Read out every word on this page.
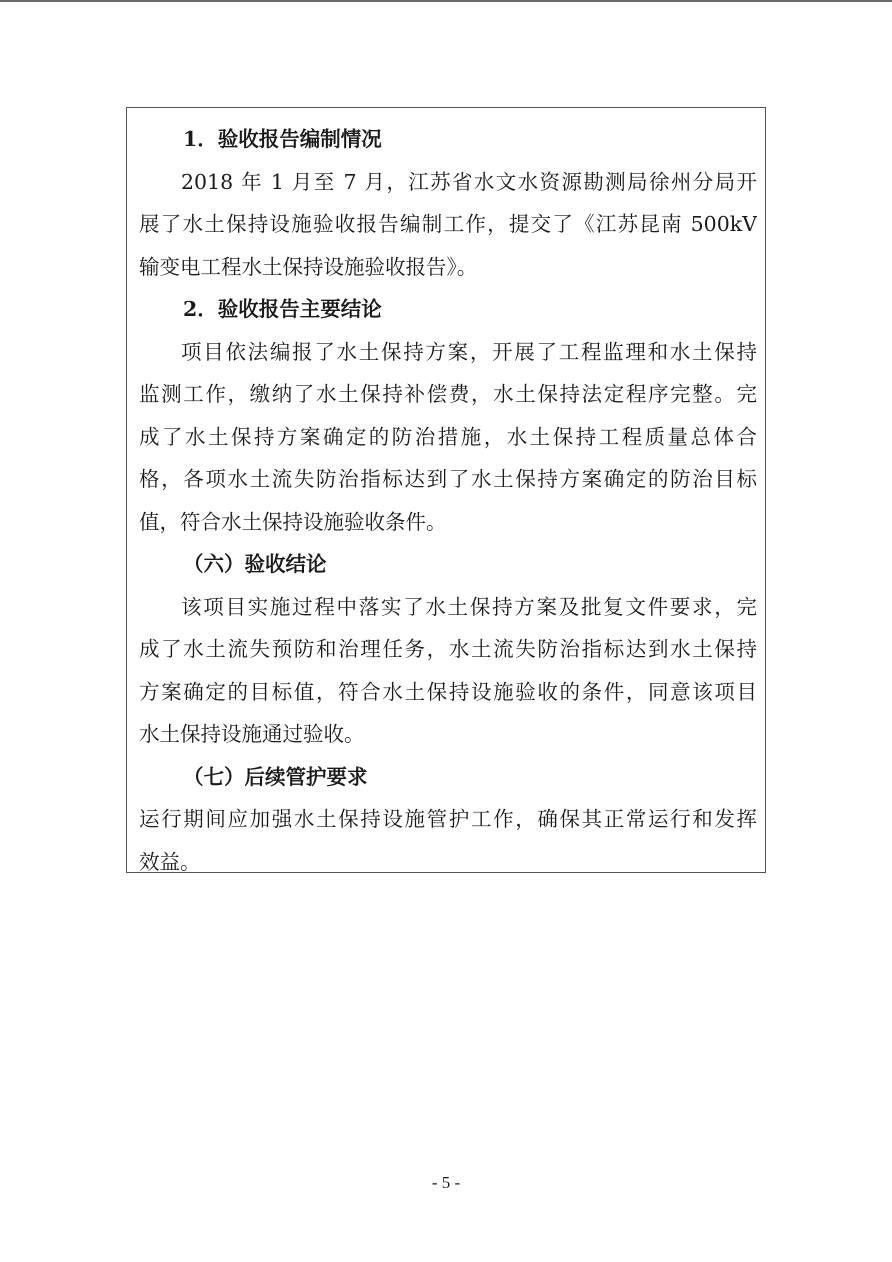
1．验收报告编制情况
2018 年 1 月至 7 月，江苏省水文水资源勘测局徐州分局开
展了水土保持设施验收报告编制工作，提交了《江苏昆南 500kV
输变电工程水土保持设施验收报告》。
2．验收报告主要结论
项目依法编报了水土保持方案，开展了工程监理和水土保持
监测工作，缴纳了水土保持补偿费，水土保持法定程序完整。完
成了水土保持方案确定的防治措施，水土保持工程质量总体合
格，各项水土流失防治指标达到了水土保持方案确定的防治目标
值，符合水土保持设施验收条件。
（六）验收结论
该项目实施过程中落实了水土保持方案及批复文件要求，完
成了水土流失预防和治理任务，水土流失防治指标达到水土保持
方案确定的目标值，符合水土保持设施验收的条件，同意该项目
水土保持设施通过验收。
（七）后续管护要求
运行期间应加强水土保持设施管护工作，确保其正常运行和发挥
效益。
- 5 -
